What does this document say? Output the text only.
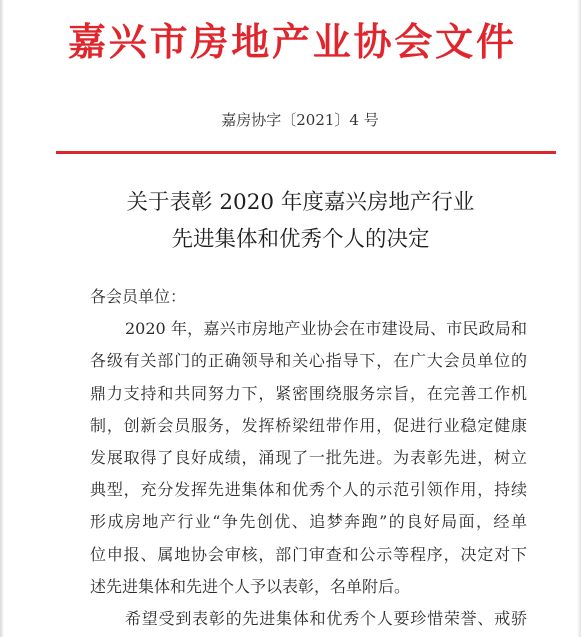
嘉兴市房地产业协会文件
嘉房协字〔2021〕4 号
关于表彰 2020 年度嘉兴房地产行业
先进集体和优秀个人的决定
各会员单位：
2020 年，嘉兴市房地产业协会在市建设局、市民政局和
各级有关部门的正确领导和关心指导下，在广大会员单位的
鼎力支持和共同努力下，紧密围绕服务宗旨，在完善工作机
制，创新会员服务，发挥桥梁纽带作用，促进行业稳定健康
发展取得了良好成绩，涌现了一批先进。为表彰先进，树立
典型，充分发挥先进集体和优秀个人的示范引领作用，持续
形成房地产行业“争先创优、追梦奔跑”的良好局面，经单
位申报、属地协会审核，部门审查和公示等程序，决定对下
述先进集体和先进个人予以表彰，名单附后。
希望受到表彰的先进集体和优秀个人要珍惜荣誉、戒骄
